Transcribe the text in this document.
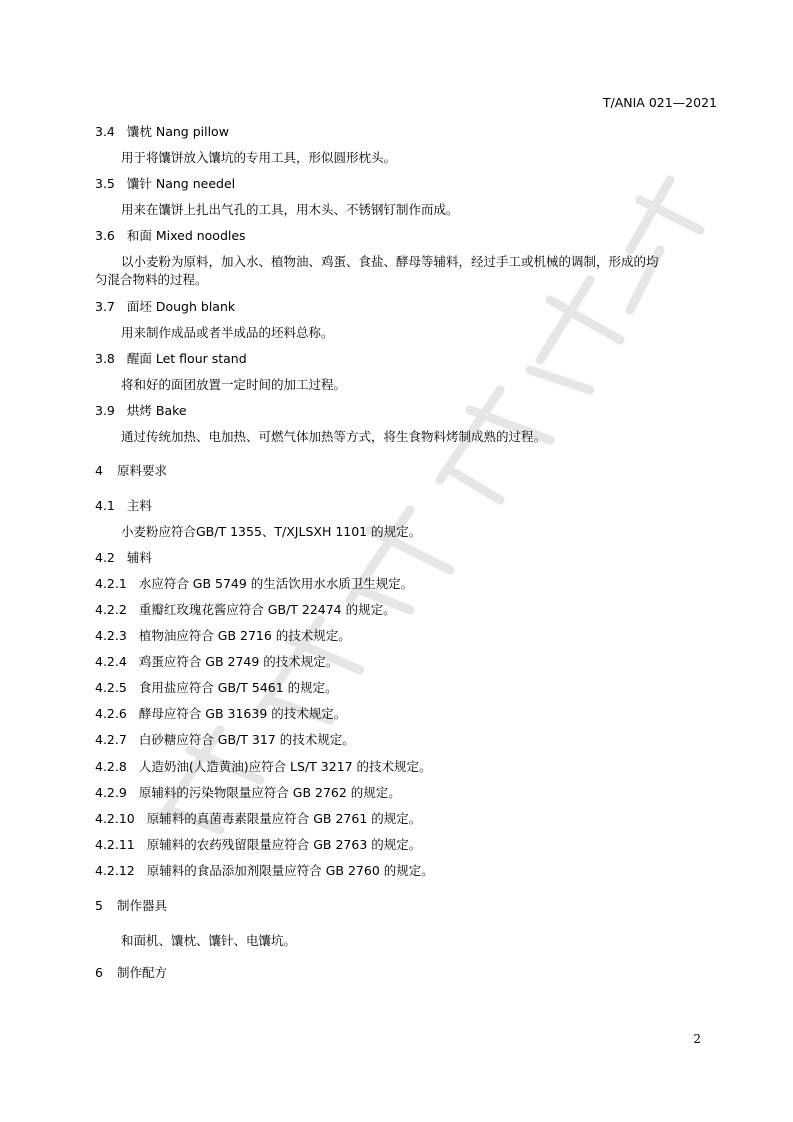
T/ANIA 021—2021
3.4 馕枕 Nang pillow
用于将馕饼放入馕坑的专用工具，形似圆形枕头。
3.5 馕针 Nang needel
用来在馕饼上扎出气孔的工具，用木头、不锈钢钉制作而成。
3.6 和面 Mixed noodles
以小麦粉为原料，加入水、植物油、鸡蛋、食盐、酵母等辅料，经过手工或机械的调制，形成的均
匀混合物料的过程。
3.7 面坯 Dough blank
用来制作成品或者半成品的坯料总称。
3.8 醒面 Let flour stand
将和好的面团放置一定时间的加工过程。
3.9 烘烤 Bake
通过传统加热、电加热、可燃气体加热等方式，将生食物料烤制成熟的过程。
4 原料要求
4.1 主料
小麦粉应符合GB/T 1355、T/XJLSXH 1101 的规定。
4.2 辅料
4.2.1 水应符合 GB 5749 的生活饮用水水质卫生规定。
4.2.2 重瓣红玫瑰花酱应符合 GB/T 22474 的规定。
4.2.3 植物油应符合 GB 2716 的技术规定。
4.2.4 鸡蛋应符合 GB 2749 的技术规定。
4.2.5 食用盐应符合 GB/T 5461 的规定。
4.2.6 酵母应符合 GB 31639 的技术规定。
4.2.7 白砂糖应符合 GB/T 317 的技术规定。
4.2.8 人造奶油(人造黄油)应符合 LS/T 3217 的技术规定。
4.2.9 原辅料的污染物限量应符合 GB 2762 的规定。
4.2.10 原辅料的真菌毒素限量应符合 GB 2761 的规定。
4.2.11 原辅料的农药残留限量应符合 GB 2763 的规定。
4.2.12 原辅料的食品添加剂限量应符合 GB 2760 的规定。
5 制作器具
和面机、馕枕、馕针、电馕坑。
6 制作配方
2
